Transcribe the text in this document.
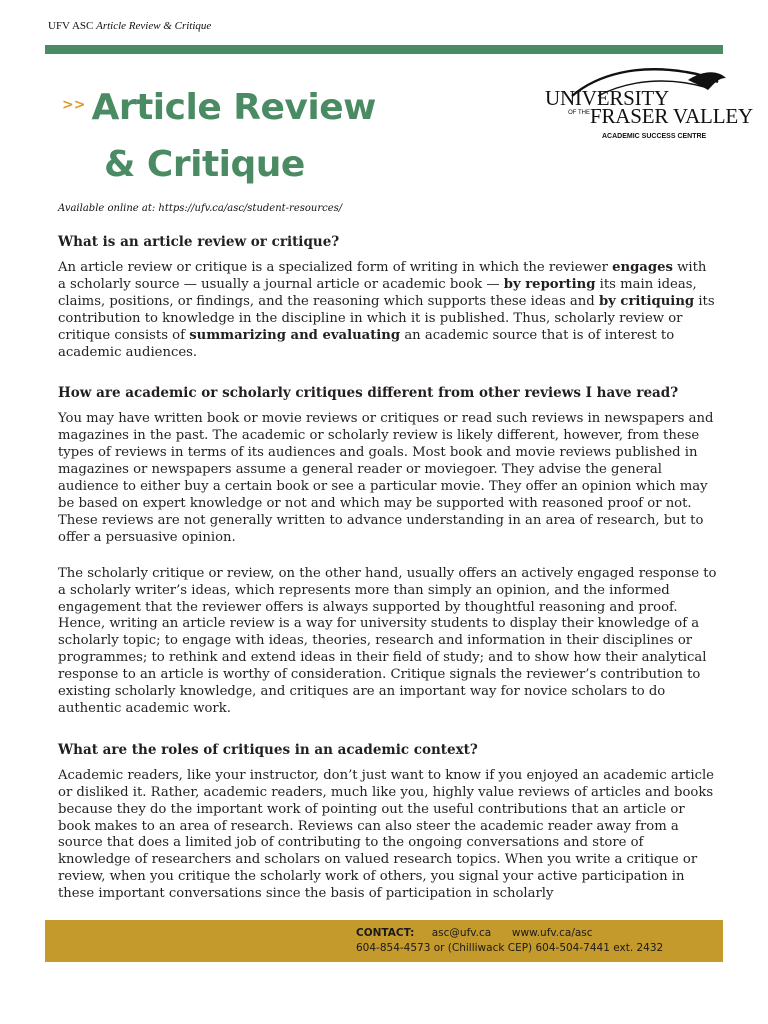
UFV ASC Article Review & Critique
>> Article Review
& Critique
UNIVERSITY
OF THE FRASER VALLEY
ACADEMIC SUCCESS CENTRE
Available online at: https://ufv.ca/asc/student-resources/
What is an article review or critique?

An article review or critique is a specialized form of writing in which the reviewer engages with a scholarly source — usually a journal article or academic book — by reporting its main ideas, claims, positions, or findings, and the reasoning which supports these ideas and by critiquing its contribution to knowledge in the discipline in which it is published. Thus, scholarly review or critique consists of summarizing and evaluating an academic source that is of interest to academic audiences.

How are academic or scholarly critiques different from other reviews I have read?

You may have written book or movie reviews or critiques or read such reviews in newspapers and magazines in the past. The academic or scholarly review is likely different, however, from these types of reviews in terms of its audiences and goals. Most book and movie reviews published in magazines or newspapers assume a general reader or moviegoer. They advise the general audience to either buy a certain book or see a particular movie. They offer an opinion which may be based on expert knowledge or not and which may be supported with reasoned proof or not. These reviews are not generally written to advance understanding in an area of research, but to offer a persuasive opinion.

The scholarly critique or review, on the other hand, usually offers an actively engaged response to a scholarly writer’s ideas, which represents more than simply an opinion, and the informed engagement that the reviewer offers is always supported by thoughtful reasoning and proof. Hence, writing an article review is a way for university students to display their knowledge of a scholarly topic; to engage with ideas, theories, research and information in their disciplines or programmes; to rethink and extend ideas in their field of study; and to show how their analytical response to an article is worthy of consideration. Critique signals the reviewer’s contribution to existing scholarly knowledge, and critiques are an important way for novice scholars to do authentic academic work.

What are the roles of critiques in an academic context?

Academic readers, like your instructor, don’t just want to know if you enjoyed an academic article or disliked it. Rather, academic readers, much like you, highly value reviews of articles and books because they do the important work of pointing out the useful contributions that an article or book makes to an area of research. Reviews can also steer the academic reader away from a source that does a limited job of contributing to the ongoing conversations and store of knowledge of researchers and scholars on valued research topics. When you write a critique or review, when you critique the scholarly work of others, you signal your active participation in these important conversations since the basis of participation in scholarly

CONTACT: asc@ufv.ca www.ufv.ca/asc
604-854-4573 or (Chilliwack CEP) 604-504-7441 ext. 2432
